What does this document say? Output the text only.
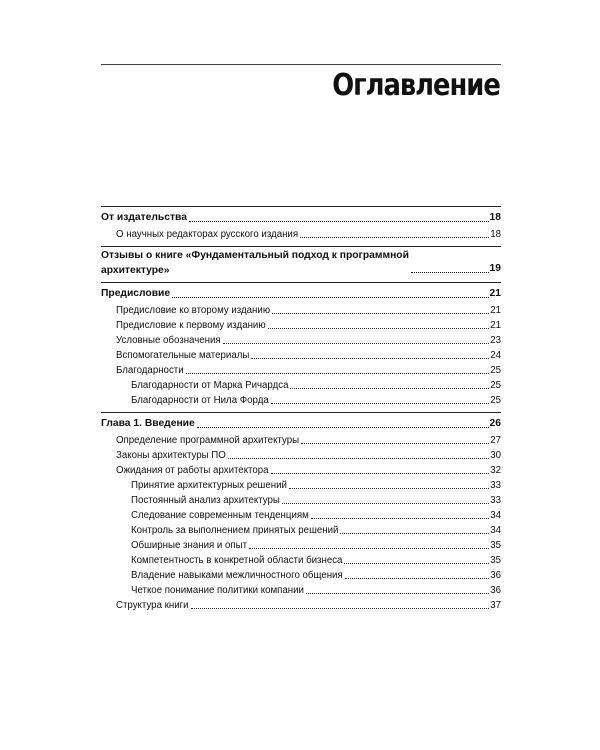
Оглавление
От издательства	18
О научных редакторах русского издания	18
Отзывы о книге «Фундаментальный подход к программной
архитектуре»	19
Предисловие	21
Предисловие ко второму изданию	21
Предисловие к первому изданию	21
Условные обозначения	23
Вспомогательные материалы	24
Благодарности	25
Благодарности от Марка Ричардса	25
Благодарности от Нила Форда	25
Глава 1. Введение	26
Определение программной архитектуры	27
Законы архитектуры ПО	30
Ожидания от работы архитектора	32
Принятие архитектурных решений	33
Постоянный анализ архитектуры	33
Следование современным тенденциям	34
Контроль за выполнением принятых решений	34
Обширные знания и опыт	35
Компетентность в конкретной области бизнеса	35
Владение навыками межличностного общения	36
Четкое понимание политики компании	36
Структура книги	37
